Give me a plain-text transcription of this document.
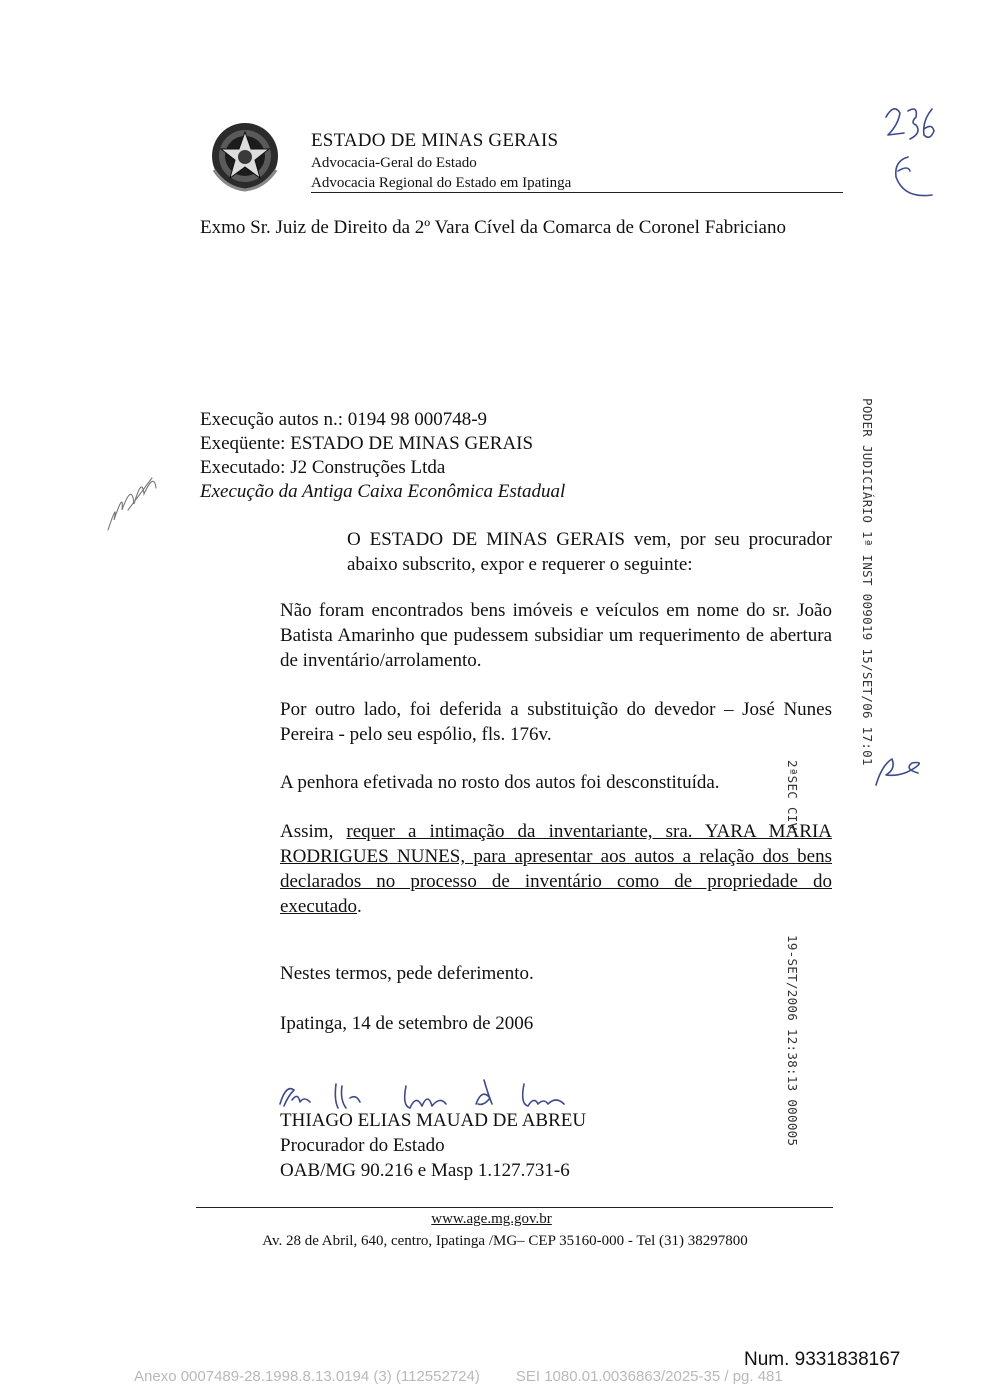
ESTADO DE MINAS GERAIS
Advocacia-Geral do Estado
Advocacia Regional do Estado em Ipatinga
Exmo Sr. Juiz de Direito da 2º Vara Cível da Comarca de Coronel Fabriciano
Execução autos n.: 0194 98 000748-9
Exeqüente: ESTADO DE MINAS GERAIS
Executado: J2 Construções Ltda
Execução da Antiga Caixa Econômica Estadual
O ESTADO DE MINAS GERAIS vem, por seu procurador abaixo subscrito, expor e requerer o seguinte:
Não foram encontrados bens imóveis e veículos em nome do sr. João Batista Amarinho que pudessem subsidiar um requerimento de abertura de inventário/arrolamento.
Por outro lado, foi deferida a substituição do devedor – José Nunes Pereira - pelo seu espólio, fls. 176v.
A penhora efetivada no rosto dos autos foi desconstituída.
Assim, requer a intimação da inventariante, sra. YARA MARIA RODRIGUES NUNES, para apresentar aos autos a relação dos bens declarados no processo de inventário como de propriedade do executado.
Nestes termos, pede deferimento.
Ipatinga, 14 de setembro de 2006
THIAGO ELIAS MAUAD DE ABREU
Procurador do Estado
OAB/MG 90.216 e Masp 1.127.731-6
PODER JUDICIÁRIO 1ª INST 009019 15/SET/06 17:01
2ªSEC CIV
19-SET/2006 12:38:13 000005
www.age.mg.gov.br
Av. 28 de Abril, 640, centro, Ipatinga /MG– CEP 35160-000 - Tel (31) 38297800
Num. 9331838167
Anexo 0007489-28.1998.8.13.0194 (3) (112552724) SEI 1080.01.0036863/2025-35 / pg. 481
